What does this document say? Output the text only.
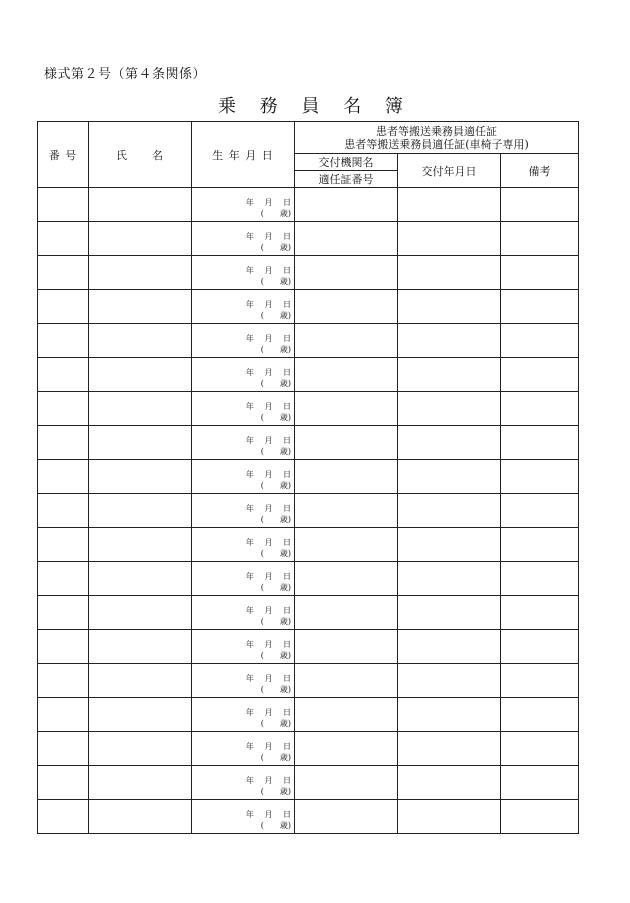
様式第２号（第４条関係）
乗 務 員 名 簿
番 号	氏　　名	生 年 月 日	患者等搬送乗務員適任証
患者等搬送乗務員適任証(車椅子専用)		

			交付機関名	交付年月日	備考
			適任証番号		

		年　 月　 日
(　　歳)			

		年　 月　 日
(　　歳)			

		年　 月　 日
(　　歳)			

		年　 月　 日
(　　歳)			

		年　 月　 日
(　　歳)			

		年　 月　 日
(　　歳)			

		年　 月　 日
(　　歳)			

		年　 月　 日
(　　歳)			

		年　 月　 日
(　　歳)			

		年　 月　 日
(　　歳)			

		年　 月　 日
(　　歳)			

		年　 月　 日
(　　歳)			

		年　 月　 日
(　　歳)			

		年　 月　 日
(　　歳)			

		年　 月　 日
(　　歳)			

		年　 月　 日
(　　歳)			

		年　 月　 日
(　　歳)			

		年　 月　 日
(　　歳)			

		年　 月　 日
(　　歳)			
